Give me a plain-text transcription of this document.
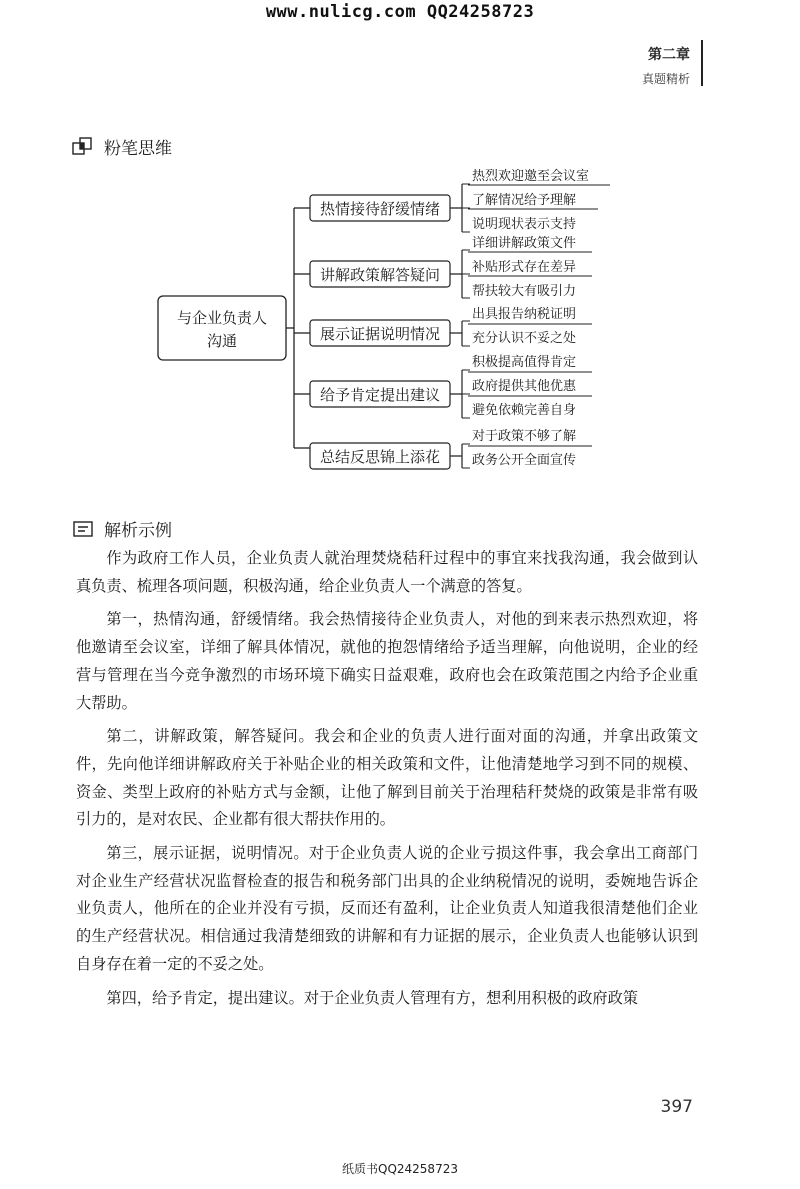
www.nulicg.com QQ24258723
第二章
真题精析
粉笔思维
与企业负责人
沟通
热情接待舒缓情绪
热烈欢迎邀至会议室
了解情况给予理解
说明现状表示支持
讲解政策解答疑问
详细讲解政策文件
补贴形式存在差异
帮扶较大有吸引力
展示证据说明情况
出具报告纳税证明
充分认识不妥之处
给予肯定提出建议
积极提高值得肯定
政府提供其他优惠
避免依赖完善自身
总结反思锦上添花
对于政策不够了解
政务公开全面宣传
解析示例

作为政府工作人员，企业负责人就治理焚烧秸秆过程中的事宜来找我沟通，我会做到认真负责、梳理各项问题，积极沟通，给企业负责人一个满意的答复。

第一，热情沟通，舒缓情绪。我会热情接待企业负责人，对他的到来表示热烈欢迎，将他邀请至会议室，详细了解具体情况，就他的抱怨情绪给予适当理解，向他说明，企业的经营与管理在当今竞争激烈的市场环境下确实日益艰难，政府也会在政策范围之内给予企业重大帮助。

第二，讲解政策，解答疑问。我会和企业的负责人进行面对面的沟通，并拿出政策文件，先向他详细讲解政府关于补贴企业的相关政策和文件，让他清楚地学习到不同的规模、资金、类型上政府的补贴方式与金额，让他了解到目前关于治理秸秆焚烧的政策是非常有吸引力的，是对农民、企业都有很大帮扶作用的。

第三，展示证据，说明情况。对于企业负责人说的企业亏损这件事，我会拿出工商部门对企业生产经营状况监督检查的报告和税务部门出具的企业纳税情况的说明，委婉地告诉企业负责人，他所在的企业并没有亏损，反而还有盈利，让企业负责人知道我很清楚他们企业的生产经营状况。相信通过我清楚细致的讲解和有力证据的展示，企业负责人也能够认识到自身存在着一定的不妥之处。

第四，给予肯定，提出建议。对于企业负责人管理有方，想利用积极的政府政策

397
纸质书QQ24258723
